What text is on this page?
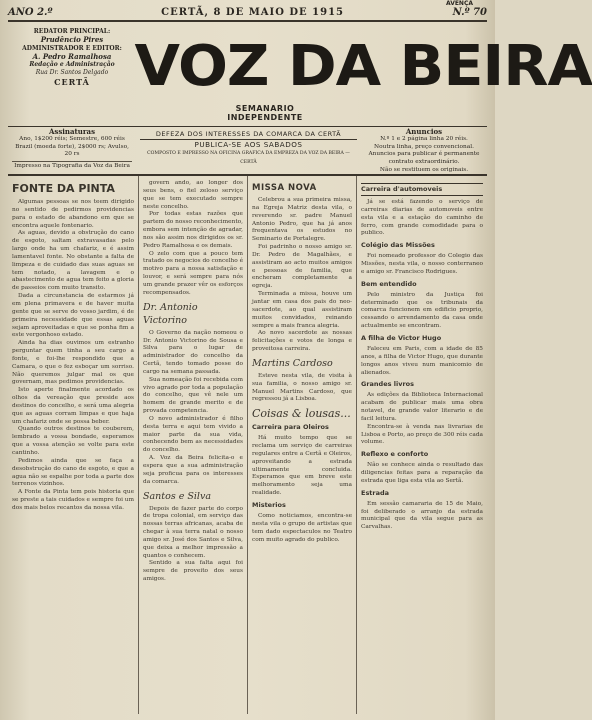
ANO 2.º	CERTÃ, 8 DE MAIO DE 1915	N.º 70
AVENÇA
REDATOR PRINCIPAL:
Prudêncio Pires
ADMINISTRADOR E EDITOR:
A. Pedro Ramalhosa
Redação e Administração
Rua Dr. Santos Delgado
CERTÃ VOZ DA BEIRA
SEMANARIO INDEPENDENTE
Assinaturas
Ano, 1$200 réis; Semestre, 600 réis
Brazil (moeda forte), 2$000 rs; Avulso, 20 rs
Impresso na Tipografia da Voz da Beira
DEFEZA DOS INTERESSES DA COMARCA DA CERTÃ
PUBLICA-SE AOS SABADOS
COMPOSTO E IMPRESSO NA OFICINA GRAFICA DA EMPREZA DA VOZ DA BEIRA — CERTÃ
Anuncios
N.º 1 e 2 página linha 20 réis.
Noutra linha, preço convencional.
Anuncios para publicar é permanente
contrato extraordinário.
Não se restituem os originais.
FONTE DA PINTA

Algumas pessoas se nos teem dirigido no sentido de pedirmos providencias para o estado de abandono em que se encontra aquele fontenario.

As aguas, devido a obstrução do cano de esgoto, saltam extravasadas pelo largo onde ha um chafariz, e é assim lamentavel fonte. No obstante a falta de limpeza e de cuidado das suas aguas se tem notado, a lavagem e o abastecimento de agua tem feito a gloria de passeios com muito transito.

Dada a circunstancia de estarmos já em plena primavera e de haver muita gente que se serve do vosso jardim, é de primeira necessidade que essas aguas sejam aproveitadas e que se ponha fim a este vergonhoso estado.

Ainda ha dias ouvimos um estranho perguntar quem tinha a seu cargo a fonte, e foi-lhe respondido que a Camara, o que o fez esboçar um sorriso. Não queremos julgar mal os que governam, mas pedimos providencias.

Isto aperte finalmente acordado os olhos da vereação que preside aos destinos do concelho, e será uma alegria que as aguas corram limpas e que haja um chafariz onde se possa beber.

Quando outros destinos te couberem, lembrado a vossa bondade, esperamos que a vossa atenção se volte para este cantinho.

Pedimos ainda que se faça a desobstrução do cano de esgoto, e que a agua não se espalhe por toda a parte dos terrenos vizinhos.

A Fonte da Pinta tem pois historia que se preste a tais cuidados e sempre foi um dos mais belos recantos da nossa vila.

govern ando, ao longer dos seus bens, o fiel zeloso serviço que se tem executado sempre neste concelho.

Por todas estas razões que partem do nosso reconhecimento, embora sem intenção de agradar, nos são assim nos dirigidos os sr. Pedro Ramalhosa e os demais.

O zelo com que a pouco tem tratado os negocios do concelho é motivo para a nossa satisfação e louvor, e será sempre para nós um grande prazer vêr os esforços recompensados.

Dr. Antonio Victorino

O Governo da nação nomeou o Dr. Antonio Victorino de Sousa e Silva para o lugar de administrador do concelho da Certã, tendo tomado posse do cargo na semana passada.

Sua nomeação foi recebida com vivo agrado por toda a população do concelho, que vê nele um homem de grande merito e de provada competencia.

O novo administrador é filho desta terra e aqui tem vivido a maior parte da sua vida, conhecendo bem as necessidades do concelho.

A. Voz da Beira felicita-o e espera que a sua administração seja proficua para os interesses da comarca.

Santos e Silva

Depois de fazer parte do corpo de tropa colonial, em serviço das nossas terras africanas, acaba de chegar à sua terra natal o nosso amigo sr. José dos Santos e Silva, que deixa a melhor impressão a quantos o conhecem.

Sentido a sua falta aqui foi sempre de proveito dos seus amigos.

MISSA NOVA

Celebrou a sua primeira missa, na Egreja Matriz desta vila, o reverendo sr. padre Manuel Antonio Pedro, que ha já anos frequentava os estudos no Seminario de Portalegre.

Foi padrinho o nosso amigo sr. Dr. Pedro de Magalhães, e assistiram ao acto muitos amigos e pessoas de familia, que encheram completamente a egreja.

Terminada a missa, houve um jantar em casa dos pais do neo-sacerdote, ao qual assistiram muitos convidados, reinando sempre a mais franca alegria.

Ao novo sacerdote as nossas felicitações e votos de longa e proveitosa carreira.

Martins Cardoso

Esteve nesta vila, de visita à sua familia, o nosso amigo sr. Manuel Martins Cardoso, que regressou já a Lisboa.

Coisas & lousas...
Carreira para Oleiros

Há muito tempo que se reclama um serviço de carreiras regulares entre a Certã e Oleiros, aproveitando a estrada ultimamente concluida. Esperamos que em breve este melhoramento seja uma realidade.

Misterios

Como noticiamos, encontra-se nesta vila o grupo de artistas que tem dado espectaculos no Teatro com muito agrado do publico.

Carreira d'automoveis

Já se está fazendo o serviço de carreiras diarias de automoveis entre esta vila e a estação do caminho de ferro, com grande comodidade para o publico.

Colégio das Missões

Foi nomeado professor do Colegio das Missões, nesta vila, o nosso conterraneo e amigo sr. Francisco Rodrigues.

Bem entendido

Pelo ministro da Justiça foi determinado que os tribunais da comarca funcionem em edificio proprio, cessando o arrendamento da casa onde actualmente se encontram.

A filha de Victor Hugo

Faleceu em Paris, com a idade de 85 anos, a filha de Victor Hugo, que durante longos anos viveu num manicomio de alienados.

Grandes livros

As edições da Biblioteca Internacional acabam de publicar mais uma obra notavel, de grande valor literario e de facil leitura.

Encontra-se à venda nas livrarias de Lisboa e Porto, ao preço de 300 réis cada volume.

Reflexo e conforto

Não se conhece ainda o resultado das diligencias feitas para a reparação da estrada que liga esta vila ao Sertã.

Estrada

Em sessão camararia de 15 de Maio, foi deliberado o arranjo da estrada municipal que da vila segue para as Carvalhas.
